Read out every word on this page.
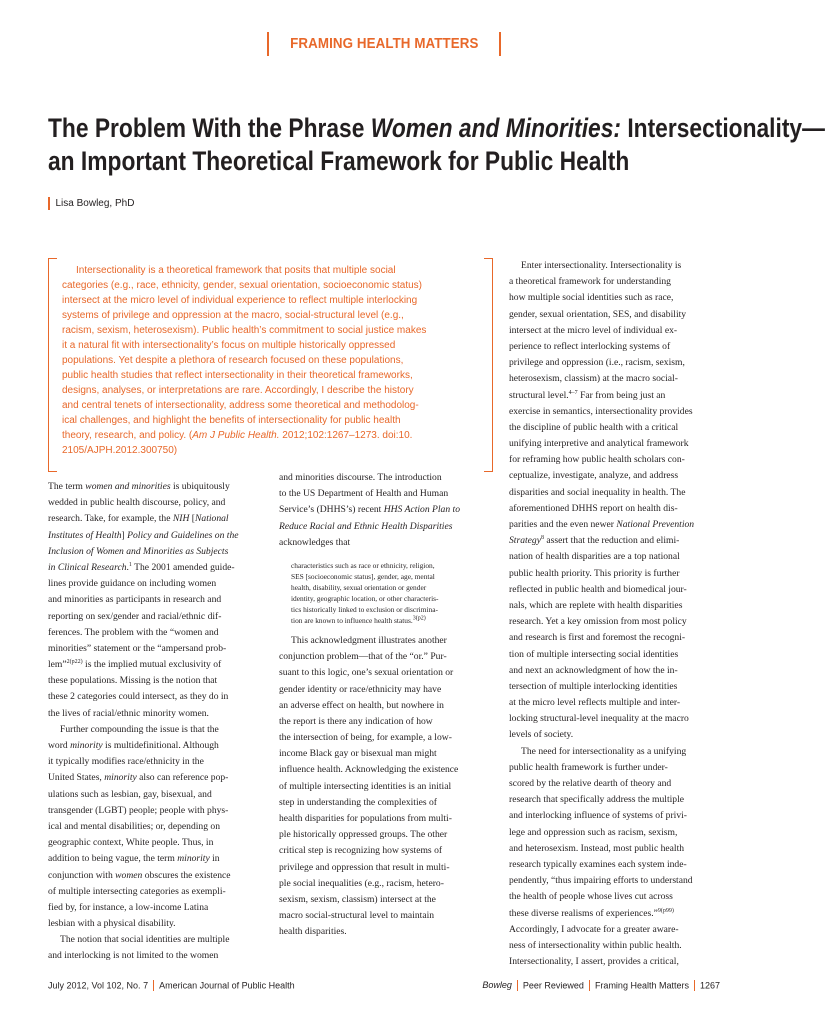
FRAMING HEALTH MATTERS
The Problem With the Phrase Women and Minorities: Intersectionality—
an Important Theoretical Framework for Public Health
Lisa Bowleg, PhD
Intersectionality is a theoretical framework that posits that multiple social
categories (e.g., race, ethnicity, gender, sexual orientation, socioeconomic status)
intersect at the micro level of individual experience to reflect multiple interlocking
systems of privilege and oppression at the macro, social-structural level (e.g.,
racism, sexism, heterosexism). Public health’s commitment to social justice makes
it a natural fit with intersectionality’s focus on multiple historically oppressed
populations. Yet despite a plethora of research focused on these populations,
public health studies that reflect intersectionality in their theoretical frameworks,
designs, analyses, or interpretations are rare. Accordingly, I describe the history
and central tenets of intersectionality, address some theoretical and methodolog-
ical challenges, and highlight the benefits of intersectionality for public health
theory, research, and policy. (Am J Public Health. 2012;102:1267–1273. doi:10.
2105/AJPH.2012.300750)
The term women and minorities is ubiquitously
wedded in public health discourse, policy, and
research. Take, for example, the NIH [National
Institutes of Health] Policy and Guidelines on the
Inclusion of Women and Minorities as Subjects
in Clinical Research.$^1$ The 2001 amended guide-
lines provide guidance on including women
and minorities as participants in research and
reporting on sex/gender and racial/ethnic dif-
ferences. The problem with the “women and
minorities” statement or the “ampersand prob-
lem”$^{2(p22)}$ is the implied mutual exclusivity of
these populations. Missing is the notion that
these 2 categories could intersect, as they do in
the lives of racial/ethnic minority women.
Further compounding the issue is that the
word minority is multidefinitional. Although
it typically modifies race/ethnicity in the
United States, minority also can reference pop-
ulations such as lesbian, gay, bisexual, and
transgender (LGBT) people; people with phys-
ical and mental disabilities; or, depending on
geographic context, White people. Thus, in
addition to being vague, the term minority in
conjunction with women obscures the existence
of multiple intersecting categories as exempli-
fied by, for instance, a low-income Latina
lesbian with a physical disability.
The notion that social identities are multiple
and interlocking is not limited to the women
and minorities discourse. The introduction
to the US Department of Health and Human
Service’s (DHHS’s) recent HHS Action Plan to
Reduce Racial and Ethnic Health Disparities
acknowledges that
characteristics such as race or ethnicity, religion,
SES [socioeconomic status], gender, age, mental
health, disability, sexual orientation or gender
identity, geographic location, or other characteris-
tics historically linked to exclusion or discrimina-
tion are known to influence health status.$^{3(p2)}$
This acknowledgment illustrates another
conjunction problem—that of the “or.” Pur-
suant to this logic, one’s sexual orientation or
gender identity or race/ethnicity may have
an adverse effect on health, but nowhere in
the report is there any indication of how
the intersection of being, for example, a low-
income Black gay or bisexual man might
influence health. Acknowledging the existence
of multiple intersecting identities is an initial
step in understanding the complexities of
health disparities for populations from multi-
ple historically oppressed groups. The other
critical step is recognizing how systems of
privilege and oppression that result in multi-
ple social inequalities (e.g., racism, hetero-
sexism, sexism, classism) intersect at the
macro social-structural level to maintain
health disparities.
Enter intersectionality. Intersectionality is
a theoretical framework for understanding
how multiple social identities such as race,
gender, sexual orientation, SES, and disability
intersect at the micro level of individual ex-
perience to reflect interlocking systems of
privilege and oppression (i.e., racism, sexism,
heterosexism, classism) at the macro social-
structural level.$^{4-7}$ Far from being just an
exercise in semantics, intersectionality provides
the discipline of public health with a critical
unifying interpretive and analytical framework
for reframing how public health scholars con-
ceptualize, investigate, analyze, and address
disparities and social inequality in health. The
aforementioned DHHS report on health dis-
parities and the even newer National Prevention
Strategy$^8$ assert that the reduction and elimi-
nation of health disparities are a top national
public health priority. This priority is further
reflected in public health and biomedical jour-
nals, which are replete with health disparities
research. Yet a key omission from most policy
and research is first and foremost the recogni-
tion of multiple intersecting social identities
and next an acknowledgment of how the in-
tersection of multiple interlocking identities
at the micro level reflects multiple and inter-
locking structural-level inequality at the macro
levels of society.
The need for intersectionality as a unifying
public health framework is further under-
scored by the relative dearth of theory and
research that specifically address the multiple
and interlocking influence of systems of privi-
lege and oppression such as racism, sexism,
and heterosexism. Instead, most public health
research typically examines each system inde-
pendently, “thus impairing efforts to understand
the health of people whose lives cut across
these diverse realisms of experiences.”$^{9(p99)}$
Accordingly, I advocate for a greater aware-
ness of intersectionality within public health.
Intersectionality, I assert, provides a critical,
July 2012, Vol 102, No. 7 American Journal of Public Health	Bowleg Peer Reviewed Framing Health Matters 1267
